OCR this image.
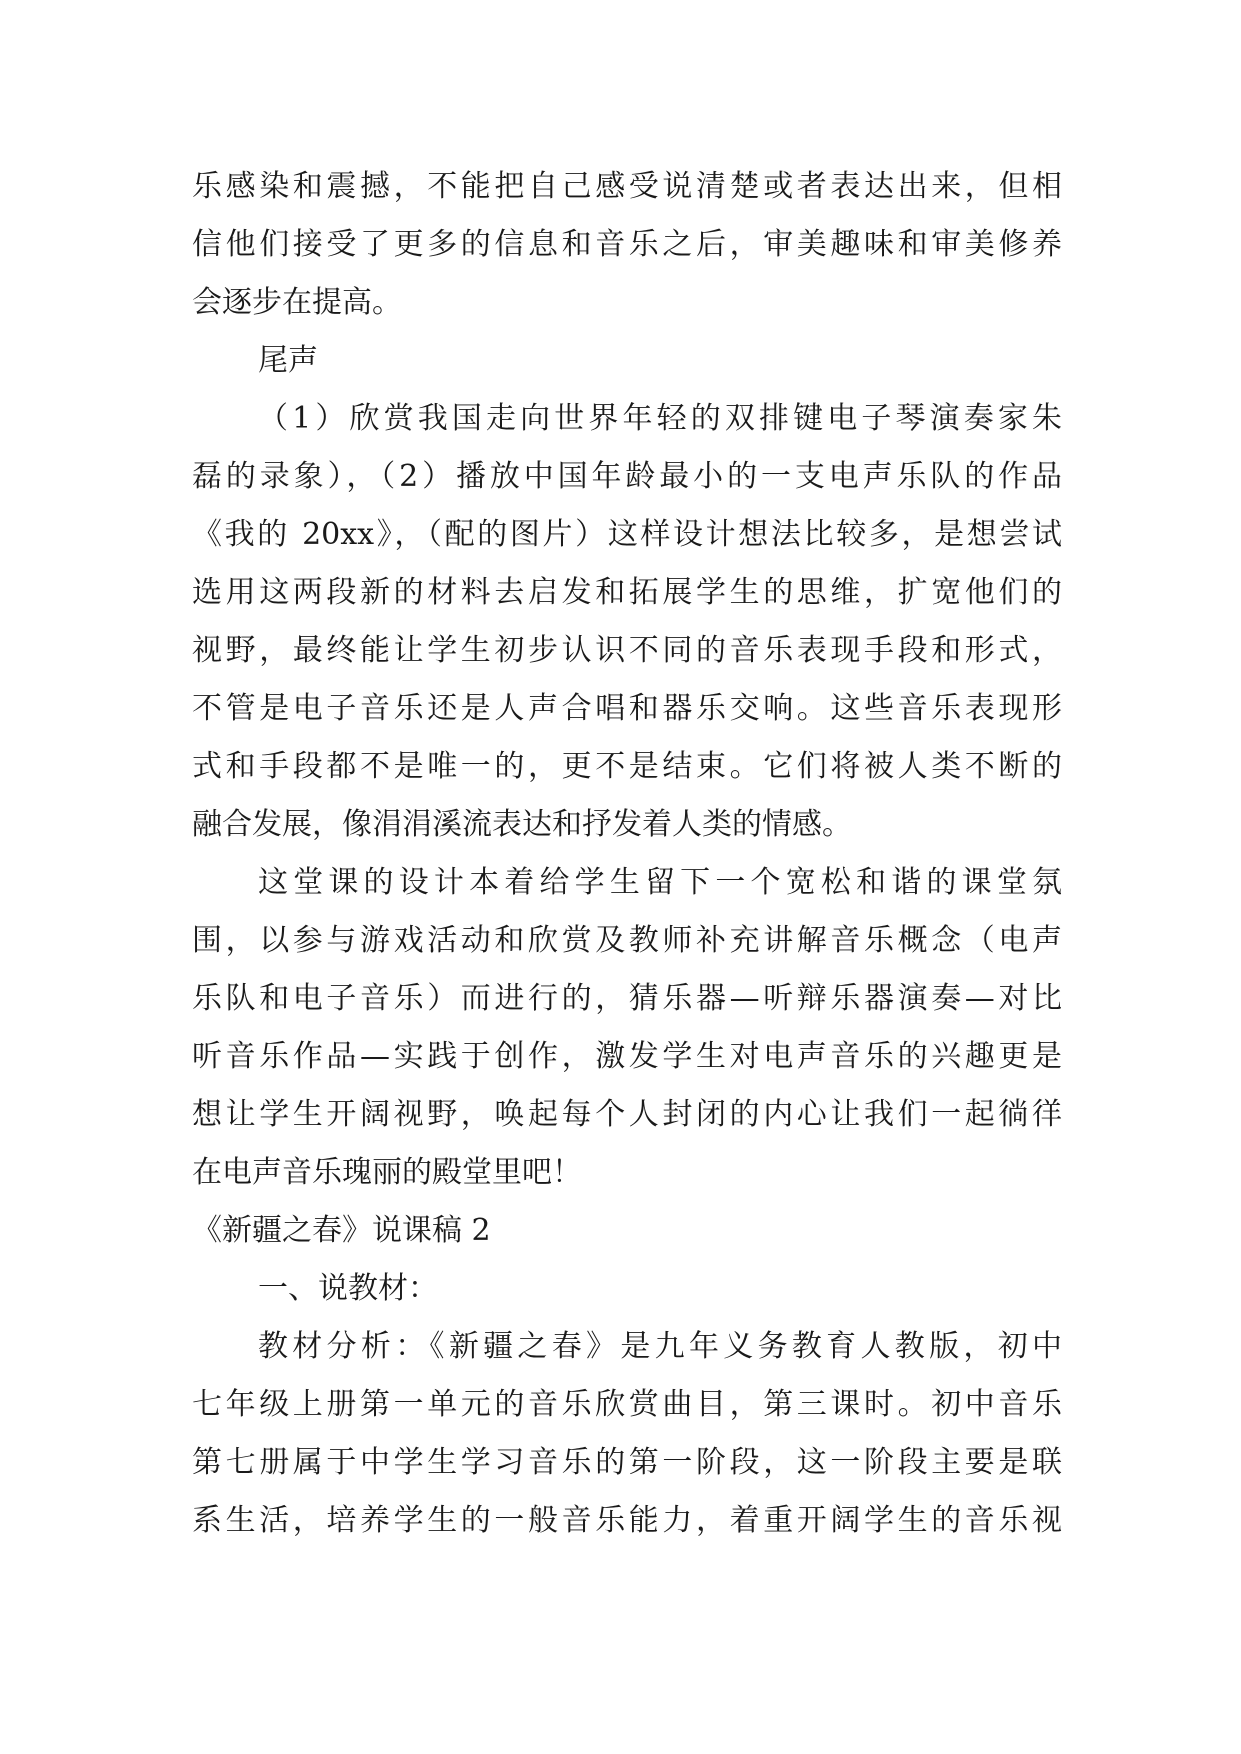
乐感染和震撼，不能把自己感受说清楚或者表达出来，但相
信他们接受了更多的信息和音乐之后，审美趣味和审美修养
会逐步在提高。
尾声
（1）欣赏我国走向世界年轻的双排键电子琴演奏家朱
磊的录象），（2）播放中国年龄最小的一支电声乐队的作品
《我的 20xx》，（配的图片）这样设计想法比较多，是想尝试
选用这两段新的材料去启发和拓展学生的思维，扩宽他们的
视野，最终能让学生初步认识不同的音乐表现手段和形式，
不管是电子音乐还是人声合唱和器乐交响。这些音乐表现形
式和手段都不是唯一的，更不是结束。它们将被人类不断的
融合发展，像涓涓溪流表达和抒发着人类的情感。
这堂课的设计本着给学生留下一个宽松和谐的课堂氛
围，以参与游戏活动和欣赏及教师补充讲解音乐概念（电声
乐队和电子音乐）而进行的，猜乐器—听辩乐器演奏—对比
听音乐作品—实践于创作，激发学生对电声音乐的兴趣更是
想让学生开阔视野，唤起每个人封闭的内心让我们一起徜徉
在电声音乐瑰丽的殿堂里吧！
《新疆之春》说课稿 2
一、说教材：
教材分析：《新疆之春》是九年义务教育人教版，初中
七年级上册第一单元的音乐欣赏曲目，第三课时。初中音乐
第七册属于中学生学习音乐的第一阶段，这一阶段主要是联
系生活，培养学生的一般音乐能力，着重开阔学生的音乐视
